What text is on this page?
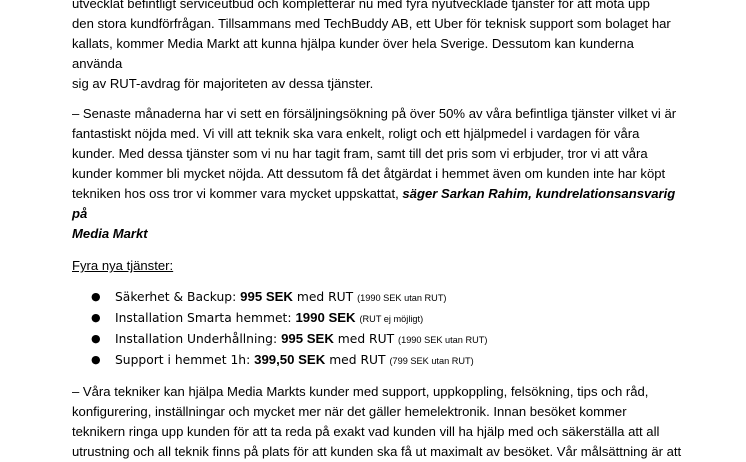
utvecklat befintligt serviceutbud och kompletterar nu med fyra nyutvecklade tjänster för att möta upp
den stora kundförfrågan. Tillsammans med TechBuddy AB, ett Uber för teknisk support som bolaget har
kallats, kommer Media Markt att kunna hjälpa kunder över hela Sverige. Dessutom kan kunderna använda
sig av RUT-avdrag för majoriteten av dessa tjänster.

– Senaste månaderna har vi sett en försäljningsökning på över 50% av våra befintliga tjänster vilket vi är
fantastiskt nöjda med. Vi vill att teknik ska vara enkelt, roligt och ett hjälpmedel i vardagen för våra
kunder. Med dessa tjänster som vi nu har tagit fram, samt till det pris som vi erbjuder, tror vi att våra
kunder kommer bli mycket nöjda. Att dessutom få det åtgärdat i hemmet även om kunden inte har köpt
tekniken hos oss tror vi kommer vara mycket uppskattat, säger Sarkan Rahim, kundrelationsansvarig på
Media Markt

Fyra nya tjänster:

● Säkerhet & Backup: 995 SEK med RUT (1990 SEK utan RUT)
● Installation Smarta hemmet: 1990 SEK (RUT ej möjligt)
● Installation Underhållning: 995 SEK med RUT (1990 SEK utan RUT)
● Support i hemmet 1h: 399,50 SEK med RUT (799 SEK utan RUT)

– Våra tekniker kan hjälpa Media Markts kunder med support, uppkoppling, felsökning, tips och råd,
konfigurering, inställningar och mycket mer när det gäller hemelektronik. Innan besöket kommer
teknikern ringa upp kunden för att ta reda på exakt vad kunden vill ha hjälp med och säkerställa att all
utrustning och all teknik finns på plats för att kunden ska få ut maximalt av besöket. Vår målsättning är att
